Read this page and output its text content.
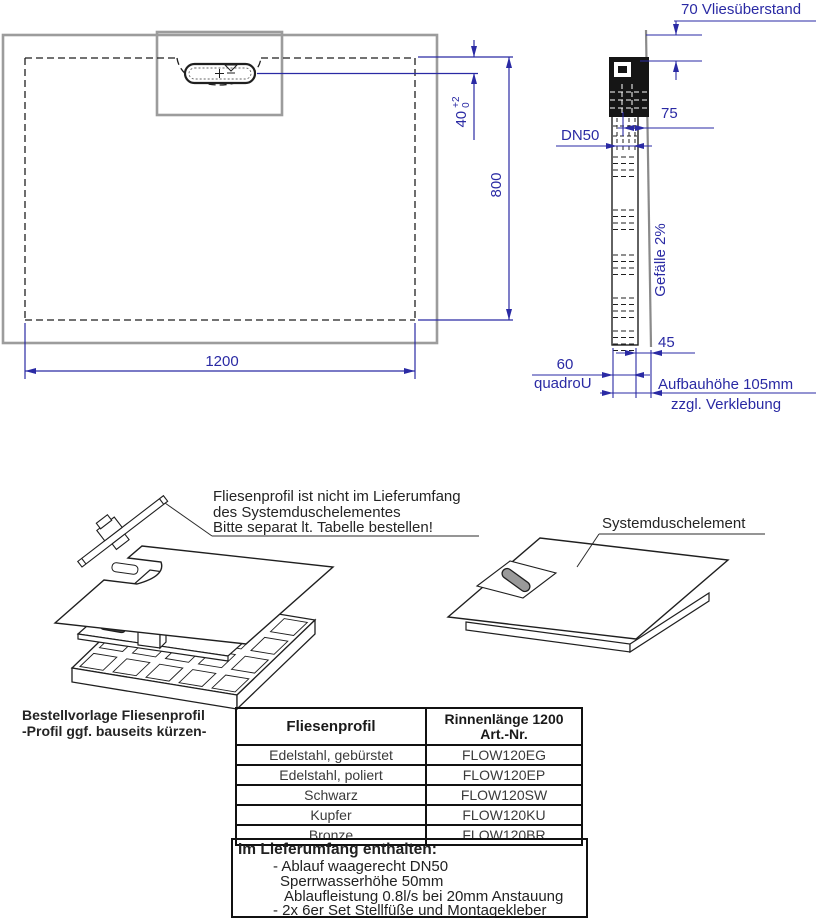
1200
800
40
+2 0
70 Vliesüberstand
75
DN50
Gefälle 2%
45
60
quadroU	Aufbauhöhe 105mm
zzgl. Verklebung
Fliesenprofil ist nicht im Lieferumfang
des Systemduschelementes
Bitte separat lt. Tabelle bestellen!	Systemduschelement
Bestellvorlage Fliesenprofil
-Profil ggf. bauseits kürzen-	Fliesenprofil	Rinnenlänge 1200
Art.-Nr.

Edelstahl, gebürstet	FLOW120EG
Edelstahl, poliert	FLOW120EP
Schwarz	FLOW120SW
Kupfer	FLOW120KU
Bronze	FLOW120BR
Im Lieferumfang enthalten:
- Ablauf waagerecht DN50
Sperrwasserhöhe 50mm
Ablaufleistung 0.8l/s bei 20mm Anstauung
- 2x 6er Set Stellfüße und Montagekleber
